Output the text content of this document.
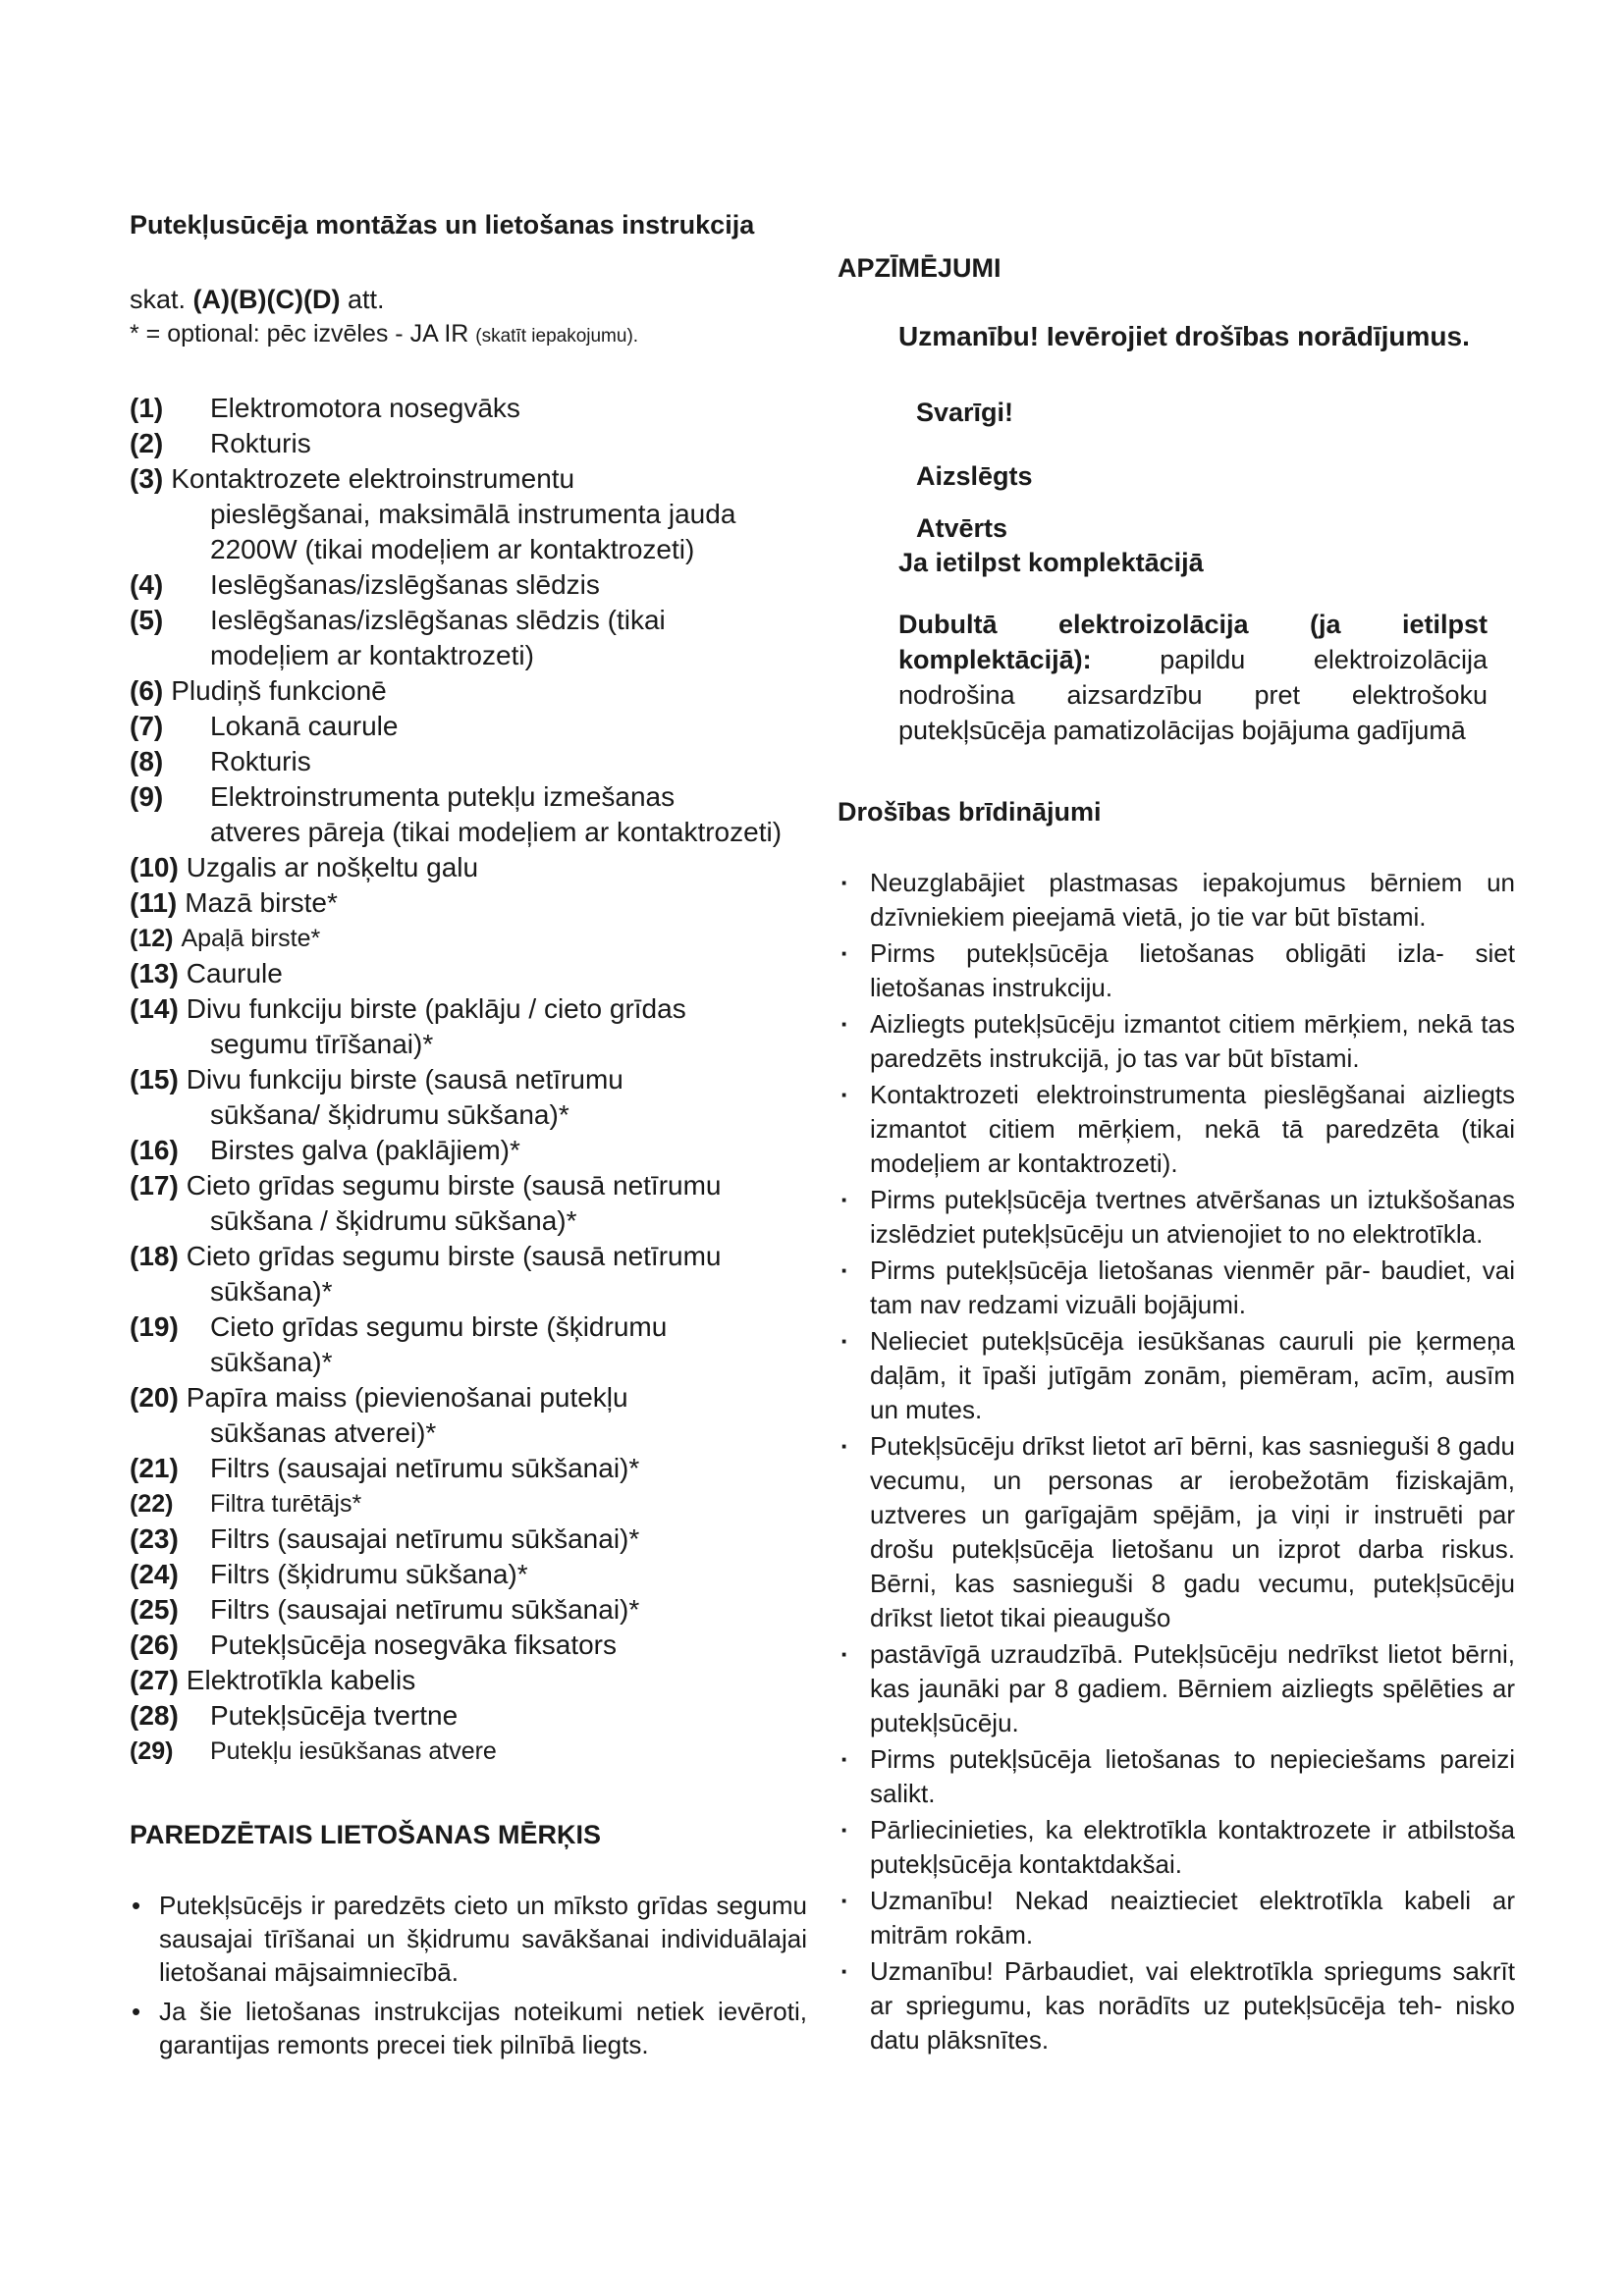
Putekļusūcēja montāžas un lietošanas instrukcija
skat. (A)(B)(C)(D) att.
* = optional: pēc izvēles - JA IR (skatīt iepakojumu).
(1) Elektromotora nosegvāks
(2) Rokturis
(3) Kontaktrozete elektroinstrumentu
pieslēgšanai, maksimālā instrumenta jauda 2200W (tikai modeļiem ar kontaktrozeti)
(4) Ieslēgšanas/izslēgšanas slēdzis
(5) Ieslēgšanas/izslēgšanas slēdzis (tikai
modeļiem ar kontaktrozeti)
(6) Pludiņš funkcionē
(7) Lokanā caurule
(8) Rokturis
(9) Elektroinstrumenta putekļu izmešanas
atveres pāreja (tikai modeļiem ar kontaktrozeti)
(10) Uzgalis ar nošķeltu galu
(11) Mazā birste*
(12) Apaļā birste*
(13) Caurule
(14) Divu funkciju birste (paklāju / cieto grīdas
segumu tīrīšanai)*
(15) Divu funkciju birste (sausā netīrumu
sūkšana/ šķidrumu sūkšana)*
(16) Birstes galva (paklājiem)*
(17) Cieto grīdas segumu birste (sausā netīrumu
sūkšana / šķidrumu sūkšana)*
(18) Cieto grīdas segumu birste (sausā netīrumu
sūkšana)*
(19) Cieto grīdas segumu birste (šķidrumu
sūkšana)*
(20) Papīra maiss (pievienošanai putekļu
sūkšanas atverei)*
(21) Filtrs (sausajai netīrumu sūkšanai)*
(22) Filtra turētājs*
(23) Filtrs (sausajai netīrumu sūkšanai)*
(24) Filtrs (šķidrumu sūkšana)*
(25) Filtrs (sausajai netīrumu sūkšanai)*
(26) Putekļsūcēja nosegvāka fiksators
(27) Elektrotīkla kabelis
(28) Putekļsūcēja tvertne
(29) Putekļu iesūkšanas atvere
PAREDZĒTAIS LIETOŠANAS MĒRĶIS
• Putekļsūcējs ir paredzēts cieto un mīksto grīdas segumu sausajai tīrīšanai un šķidrumu savākšanai individuālajai lietošanai mājsaimniecībā.
• Ja šie lietošanas instrukcijas noteikumi netiek ievēroti, garantijas remonts precei tiek pilnībā liegts.
APZĪMĒJUMI
Uzmanību! Ievērojiet drošības norādījumus.
Svarīgi!
Aizslēgts
Atvērts
Ja ietilpst komplektācijā
Dubultā elektroizolācija (ja ietilpst komplektācijā): papildu elektroizolācija nodrošina aizsardzību pret elektrošoku
putekļsūcēja pamatizolācijas bojājuma gadījumā
Drošības brīdinājumi
· Neuzglabājiet plastmasas iepakojumus bērniem un dzīvniekiem pieejamā vietā, jo tie var būt bīstami.
· Pirms putekļsūcēja lietošanas obligāti izla- siet lietošanas instrukciju.
· Aizliegts putekļsūcēju izmantot citiem mērķiem, nekā tas paredzēts instrukcijā, jo tas var būt bīstami.
· Kontaktrozeti elektroinstrumenta pieslēgšanai aizliegts izmantot citiem mērķiem, nekā tā paredzēta (tikai modeļiem ar kontaktrozeti).
· Pirms putekļsūcēja tvertnes atvēršanas un iztukšošanas izslēdziet putekļsūcēju un atvienojiet to no elektrotīkla.
· Pirms putekļsūcēja lietošanas vienmēr pār- baudiet, vai tam nav redzami vizuāli bojājumi.
· Nelieciet putekļsūcēja iesūkšanas cauruli pie ķermeņa daļām, it īpaši jutīgām zonām, piemēram, acīm, ausīm un mutes.
· Putekļsūcēju drīkst lietot arī bērni, kas sasnieguši 8 gadu vecumu, un personas ar ierobežotām fiziskajām, uztveres un garīgajām spējām, ja viņi ir instruēti par drošu putekļsūcēja lietošanu un izprot darba riskus. Bērni, kas sasnieguši 8 gadu vecumu, putekļsūcēju drīkst lietot tikai pieaugušo
· pastāvīgā uzraudzībā. Putekļsūcēju nedrīkst lietot bērni, kas jaunāki par 8 gadiem. Bērniem aizliegts spēlēties ar putekļsūcēju.
· Pirms putekļsūcēja lietošanas to nepieciešams pareizi salikt.
· Pārliecinieties, ka elektrotīkla kontaktrozete ir atbilstoša putekļsūcēja kontaktdakšai.
· Uzmanību! Nekad neaiztieciet elektrotīkla kabeli ar mitrām rokām.
· Uzmanību! Pārbaudiet, vai elektrotīkla spriegums sakrīt ar spriegumu, kas norādīts uz putekļsūcēja teh- nisko datu plāksnītes.
